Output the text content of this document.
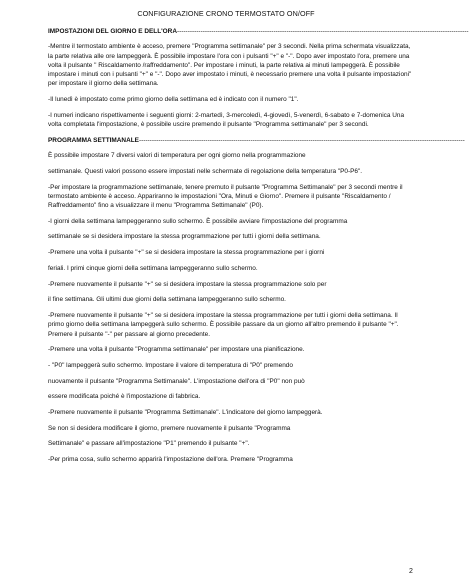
CONFIGURAZIONE CRONO TERMOSTATO ON/OFF
IMPOSTAZIONI DEL GIORNO E DELL'ORA----------------------------------------------------------------------------------------------------------------------------------------

-Mentre il termostato ambiente è acceso, premere "Programma settimanale" per 3 secondi. Nella prima schermata visualizzata, la parte relativa alle ore lampeggerà. È possibile impostare l'ora con i pulsanti "+" e "-". Dopo aver impostato l'ora, premere una volta il pulsante " Riscaldamento /raffreddamento". Per impostare i minuti, la parte relativa ai minuti lampeggerà. È possibile impostare i minuti con i pulsanti "+" e "-". Dopo aver impostato i minuti, è necessario premere una volta il pulsante impostazioni" per impostare il giorno della settimana.

-Il lunedì è impostato come primo giorno della settimana ed è indicato con il numero "1".

-I numeri indicano rispettivamente i seguenti giorni: 2-martedì, 3-mercoledì, 4-giovedì, 5-venerdì, 6-sabato e 7-domenica Una volta completata l'impostazione, è possibile uscire premendo il pulsante "Programma settimanale" per 3 secondi.

PROGRAMMA SETTIMANALE--------------------------------------------------------------------------------------------------------------------------------------------------------

È possibile impostare 7 diversi valori di temperatura per ogni giorno nella programmazione

settimanale. Questi valori possono essere impostati nelle schermate di regolazione della temperatura "P0-P6".

-Per impostare la programmazione settimanale, tenere premuto il pulsante "Programma Settimanale" per 3 secondi mentre il termostato ambiente è acceso. Appariranno le impostazioni "Ora, Minuti e Giorno". Premere il pulsante "Riscaldamento / Raffreddamento" fino a visualizzare il menu "Programma Settimanale" (P0).

-I giorni della settimana lampeggeranno sullo schermo. È possibile avviare l'impostazione del programma

settimanale se si desidera impostare la stessa programmazione per tutti i giorni della settimana.

-Premere una volta il pulsante "+" se si desidera impostare la stessa programmazione per i giorni

feriali. I primi cinque giorni della settimana lampeggeranno sullo schermo.

-Premere nuovamente il pulsante "+" se si desidera impostare la stessa programmazione solo per

il fine settimana. Gli ultimi due giorni della settimana lampeggeranno sullo schermo.

-Premere nuovamente il pulsante "+" se si desidera impostare la stessa programmazione per tutti i giorni della settimana. Il primo giorno della settimana lampeggerà sullo schermo. È possibile passare da un giorno all'altro premendo il pulsante "+". Premere il pulsante "-" per passare al giorno precedente.

-Premere una volta il pulsante "Programma settimanale" per impostare una pianificazione.

- "P0" lampeggerà sullo schermo. Impostare il valore di temperatura di "P0" premendo

nuovamente il pulsante "Programma Settimanale". L'impostazione dell'ora di "P0" non può

essere modificata poiché è l'impostazione di fabbrica.

-Premere nuovamente il pulsante "Programma Settimanale". L'indicatore del giorno lampeggerà.

Se non si desidera modificare il giorno, premere nuovamente il pulsante "Programma

Settimanale" e passare all'impostazione "P1" premendo il pulsante "+".

-Per prima cosa, sullo schermo apparirà l'impostazione dell'ora. Premere "Programma

2
